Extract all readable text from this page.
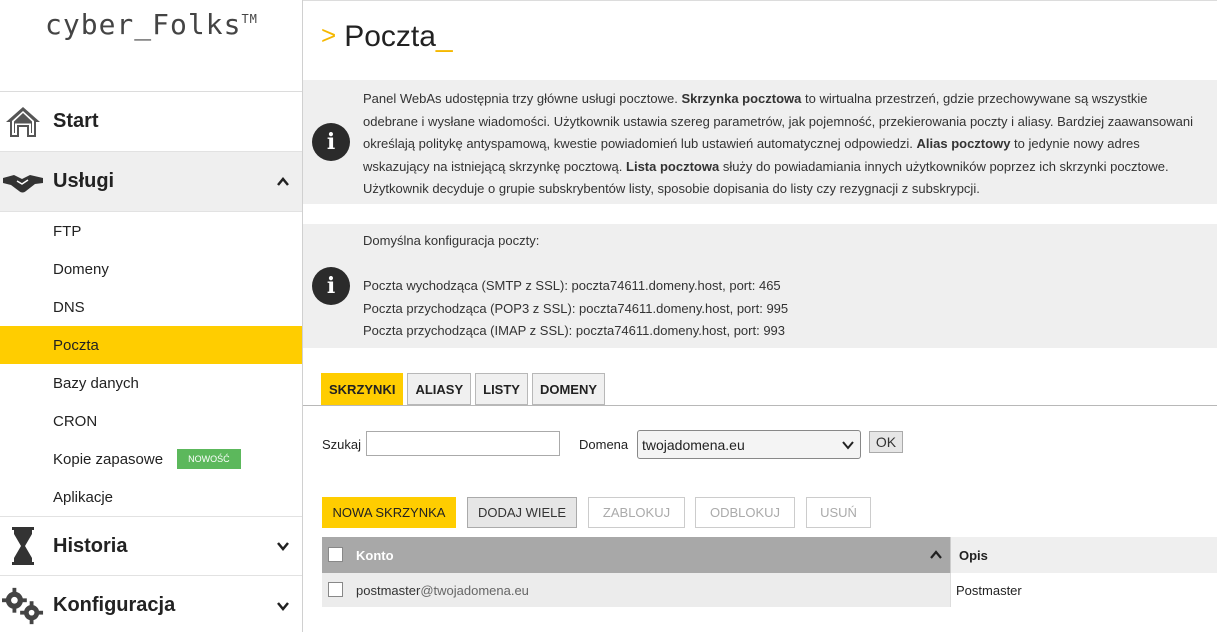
cyber_Folks™
Start
Usługi
FTP
Domeny
DNS
Poczta
Bazy danych
CRON
Kopie zapasowe	NOWOŚĆ
Aplikacje
Historia
Konfiguracja
> Poczta_
i
Panel WebAs udostępnia trzy główne usługi pocztowe. Skrzynka pocztowa to wirtualna przestrzeń, gdzie przechowywane są wszystkie odebrane i wysłane wiadomości. Użytkownik ustawia szereg parametrów, jak pojemność, przekierowania poczty i aliasy. Bardziej zaawansowani określają politykę antyspamową, kwestie powiadomień lub ustawień automatycznej odpowiedzi. Alias pocztowy to jedynie nowy adres wskazujący na istniejącą skrzynkę pocztową. Lista pocztowa służy do powiadamiania innych użytkowników poprzez ich skrzynki pocztowe. Użytkownik decyduje o grupie subskrybentów listy, sposobie dopisania do listy czy rezygnacji z subskrypcji.
i
Domyślna konfiguracja poczty:
Poczta wychodząca (SMTP z SSL): poczta74611.domeny.host, port: 465
Poczta przychodząca (POP3 z SSL): poczta74611.domeny.host, port: 995
Poczta przychodząca (IMAP z SSL): poczta74611.domeny.host, port: 993
SKRZYNKI	ALIASY	LISTY	DOMENY
Szukaj	Domena twojadomena.eu	OK
NOWA SKRZYNKA	DODAJ WIELE	ZABLOKUJ	ODBLOKUJ	USUŃ
Konto	Opis
postmaster@twojadomena.eu	Postmaster
